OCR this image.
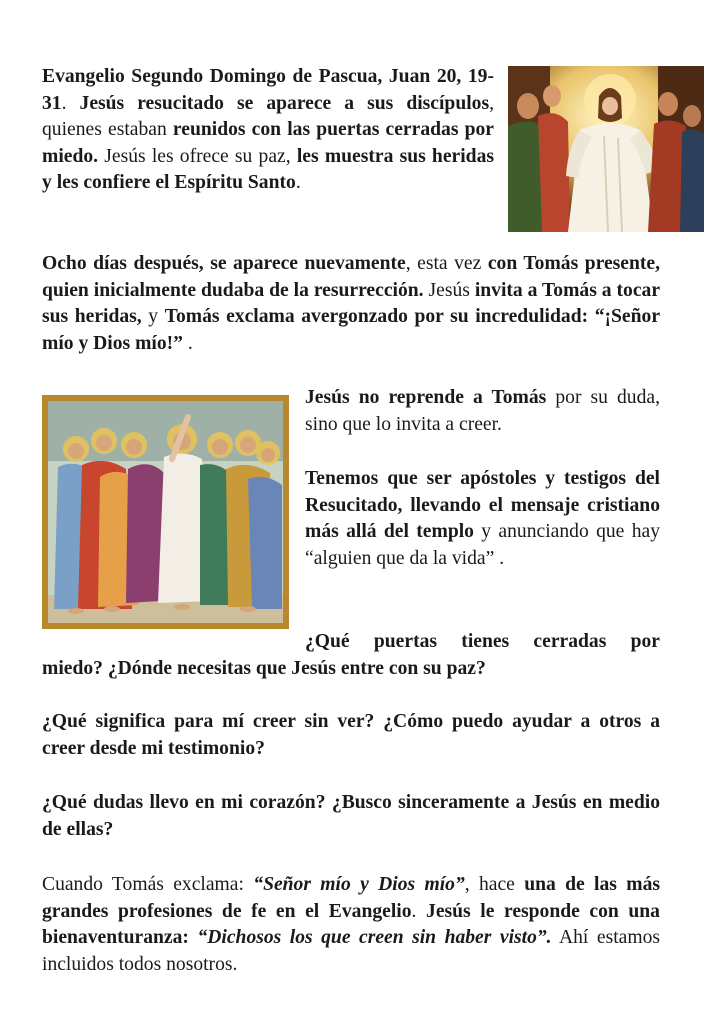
Evangelio Segundo Domingo de Pascua, Juan 20, 19-31. Jesús resucitado se aparece a sus discípulos, quienes estaban reunidos con las puertas cerradas por miedo. Jesús les ofrece su paz, les muestra sus heridas y les confiere el Espíritu Santo.

Ocho días después, se aparece nuevamente, esta vez con Tomás presente, quien inicialmente dudaba de la resurrección. Jesús invita a Tomás a tocar sus heridas, y Tomás exclama avergonzado por su incredulidad: “¡Señor mío y Dios mío!” .

Jesús no reprende a Tomás por su duda, sino que lo invita a creer.

Tenemos que ser apóstoles y testigos del Resucitado, llevando el mensaje cristiano más allá del templo y anunciando que hay “alguien que da la vida” .

¿Qué puertas tienes cerradas por

miedo? ¿Dónde necesitas que Jesús entre con su paz?

¿Qué significa para mí creer sin ver? ¿Cómo puedo ayudar a otros a creer desde mi testimonio?

¿Qué dudas llevo en mi corazón? ¿Busco sinceramente a Jesús en medio de ellas?

Cuando Tomás exclama: “Señor mío y Dios mío”, hace una de las más grandes profesiones de fe en el Evangelio. Jesús le responde con una bienaventuranza: “Dichosos los que creen sin haber visto”. Ahí estamos incluidos todos nosotros.
